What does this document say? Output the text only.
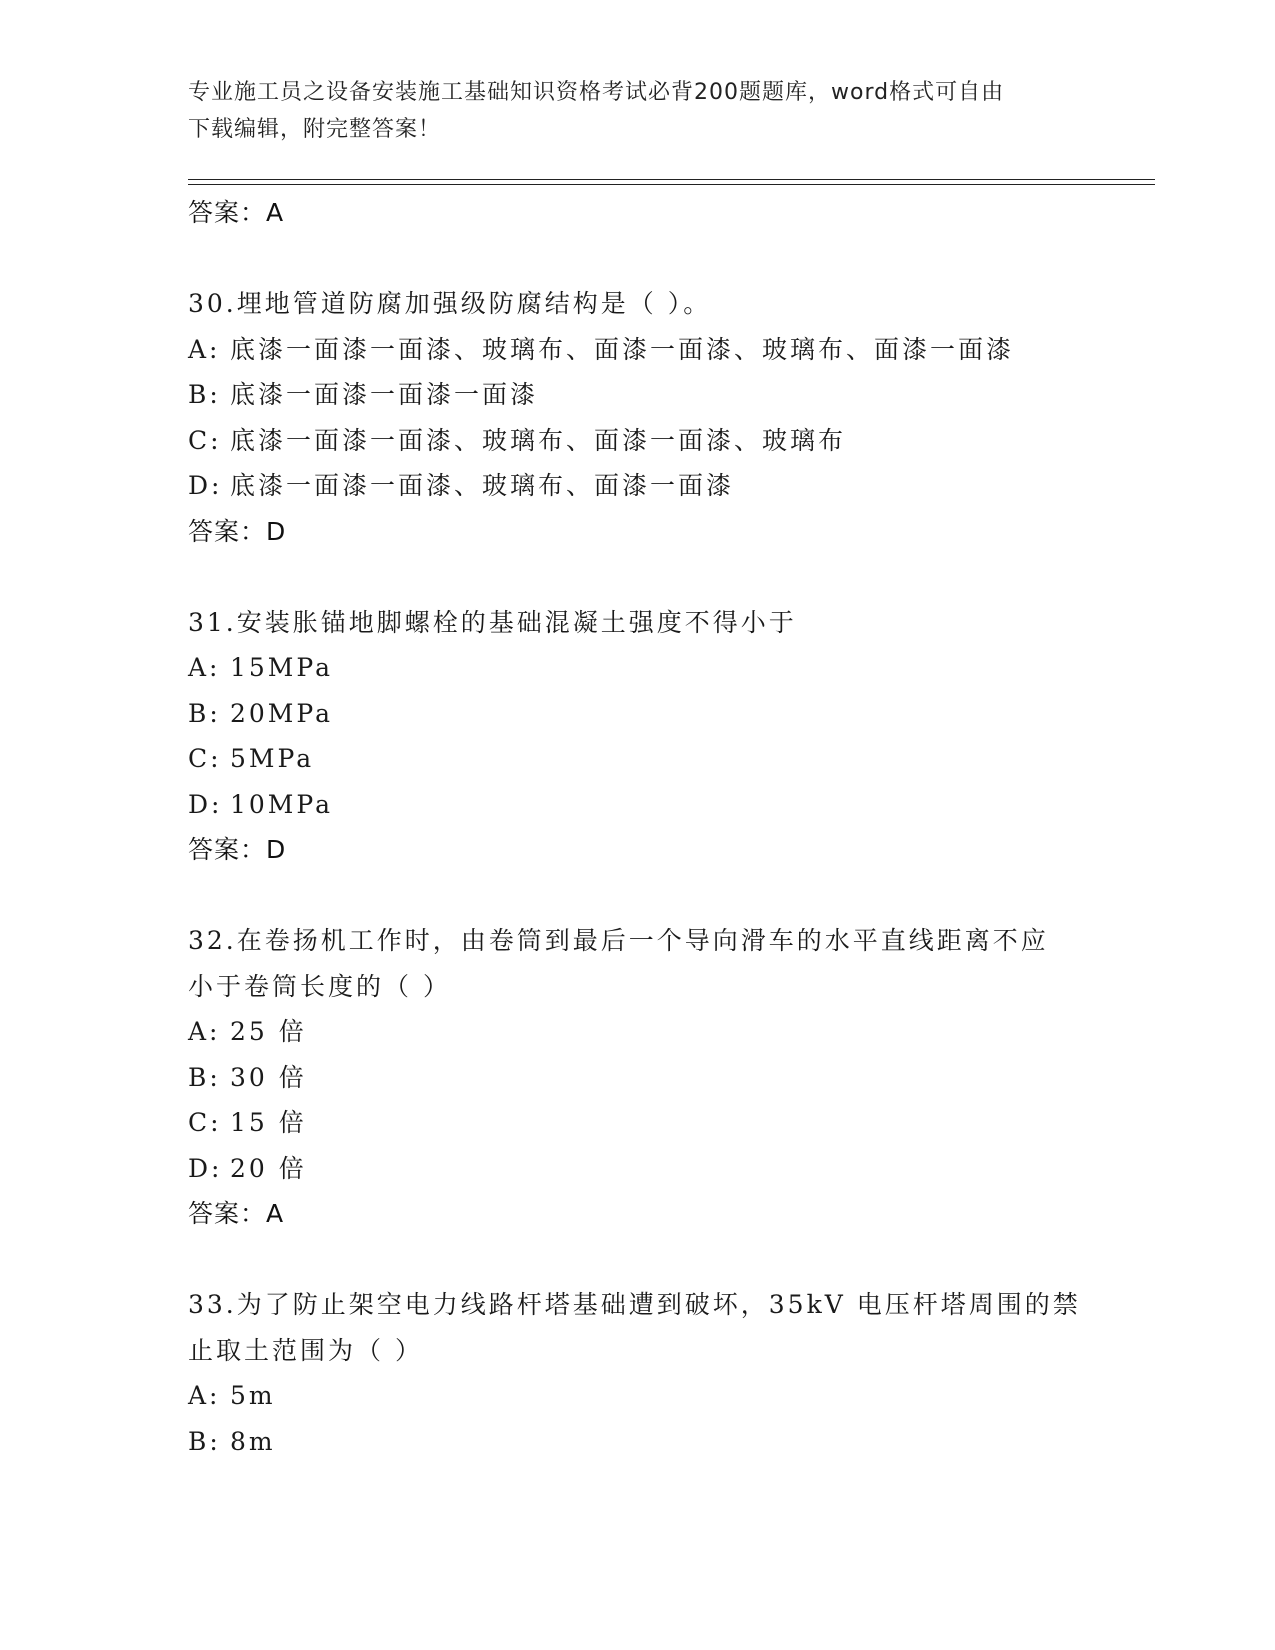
专业施工员之设备安装施工基础知识资格考试必背200题题库，word格式可自由
下载编辑，附完整答案！
答案：A
30.埋地管道防腐加强级防腐结构是（ ）。
A: 底漆一面漆一面漆、玻璃布、面漆一面漆、玻璃布、面漆一面漆
B: 底漆一面漆一面漆一面漆
C: 底漆一面漆一面漆、玻璃布、面漆一面漆、玻璃布
D: 底漆一面漆一面漆、玻璃布、面漆一面漆
答案：D
31.安装胀锚地脚螺栓的基础混凝土强度不得小于
A: 15MPa
B: 20MPa
C: 5MPa
D: 10MPa
答案：D
32.在卷扬机工作时，由卷筒到最后一个导向滑车的水平直线距离不应
小于卷筒长度的（ ）
A: 25 倍
B: 30 倍
C: 15 倍
D: 20 倍
答案：A
33.为了防止架空电力线路杆塔基础遭到破坏，35kV 电压杆塔周围的禁
止取土范围为（ ）
A: 5m
B: 8m
